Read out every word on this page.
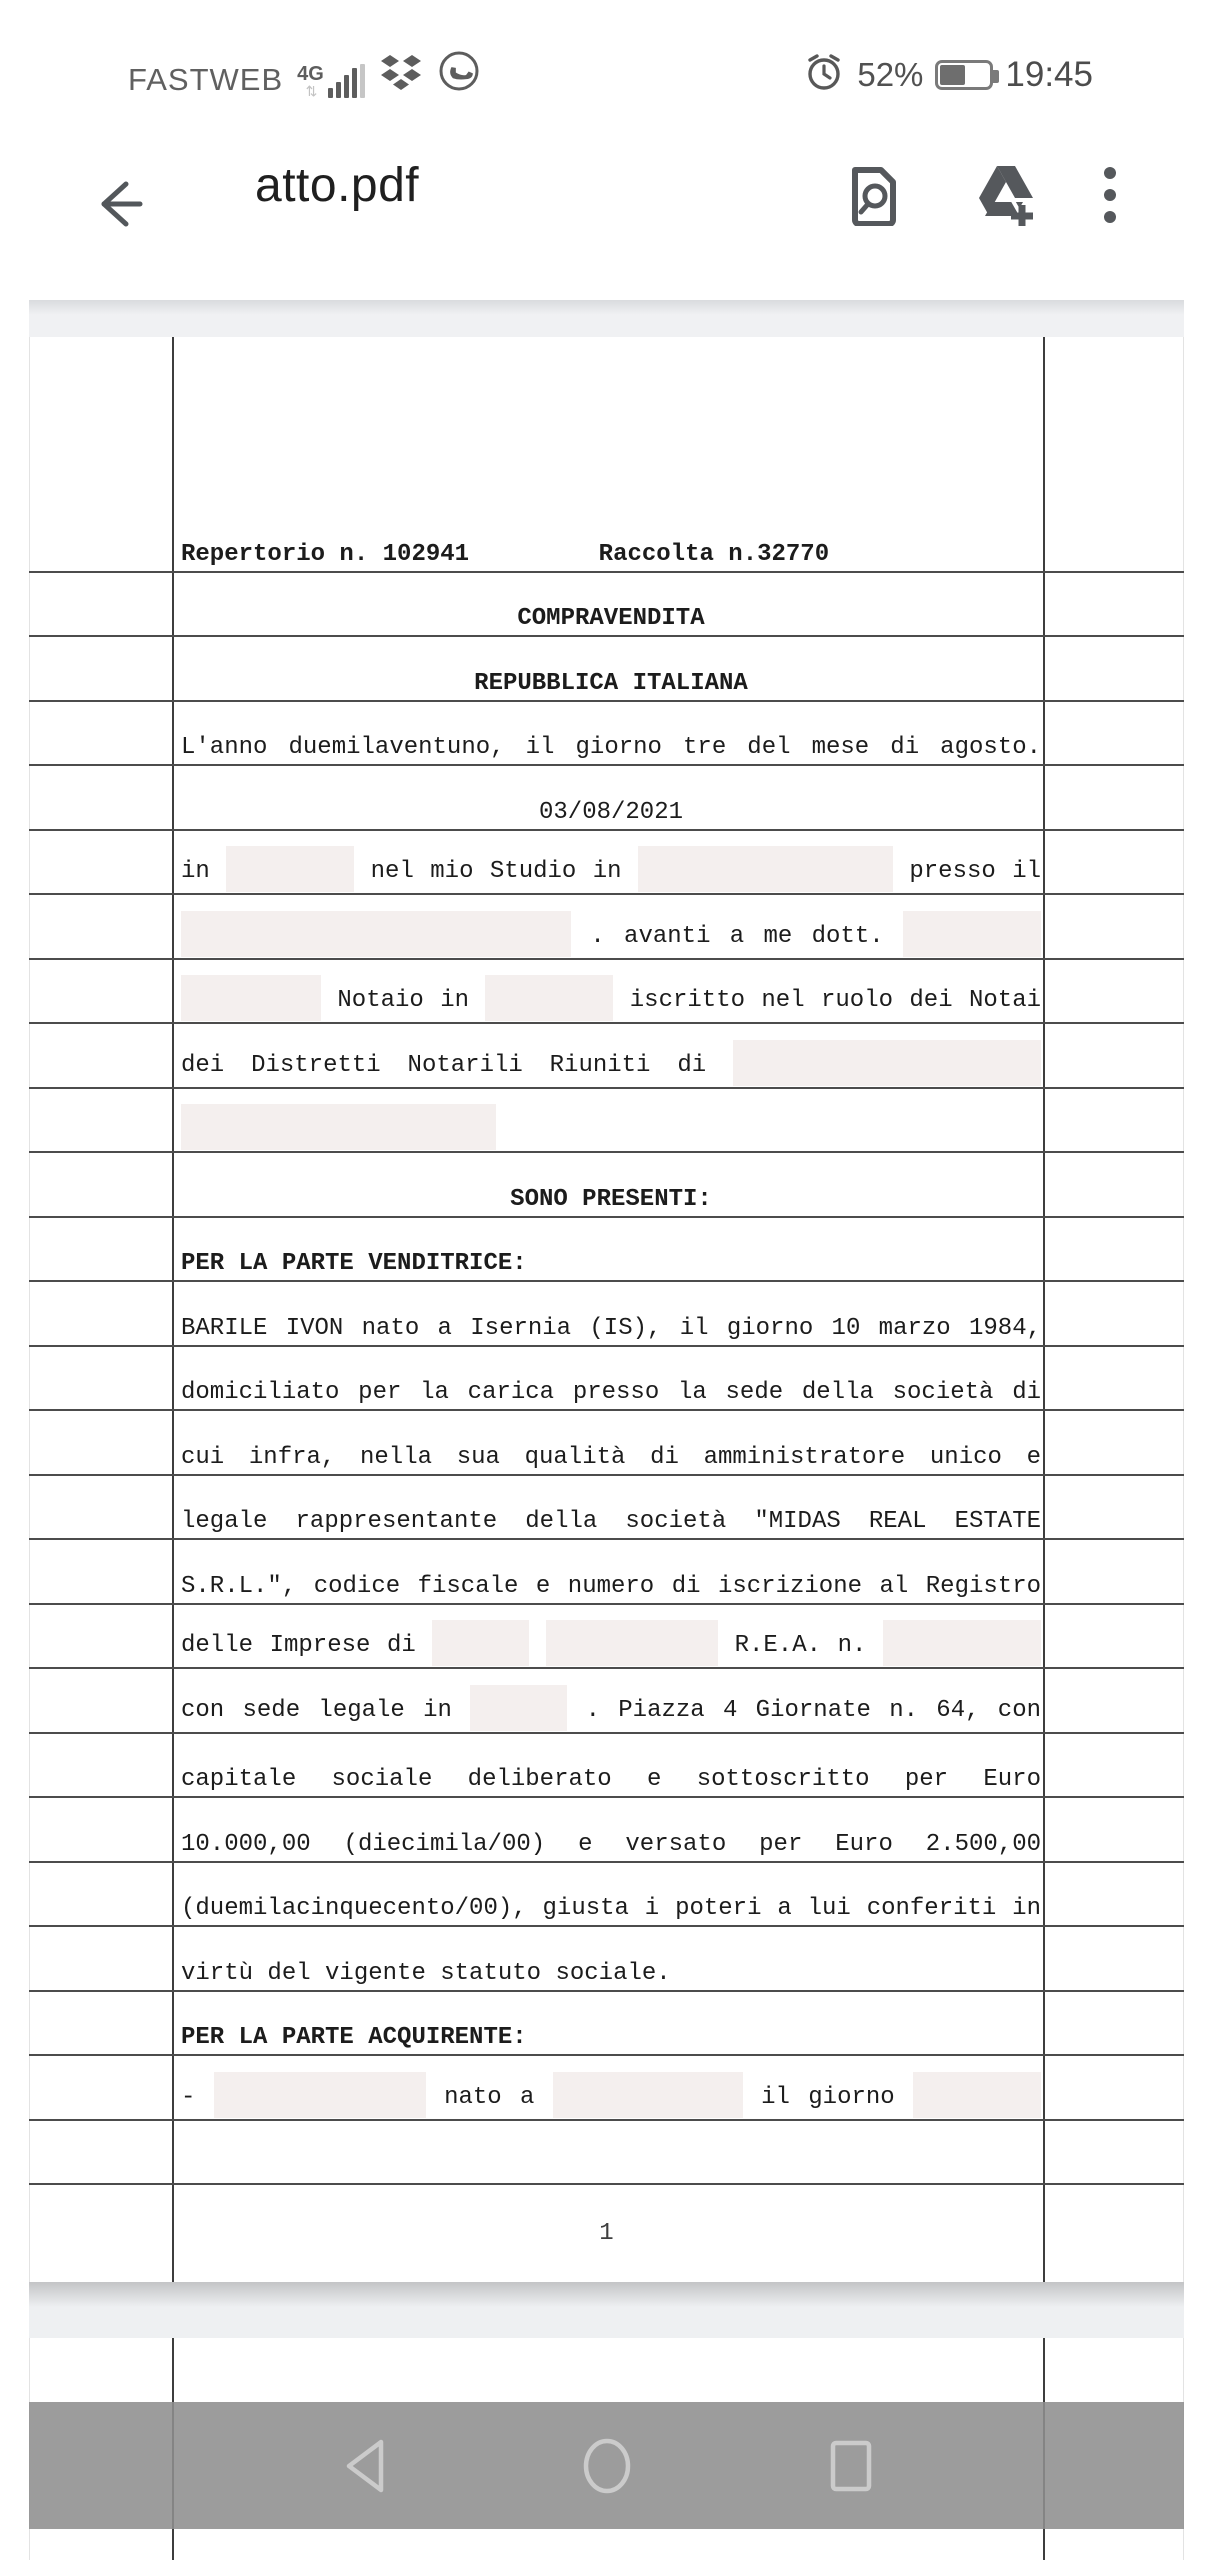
FASTWEB 4G
⇅	52% 19:45
atto.pdf
Repertorio n. 102941         Raccolta n.32770
COMPRAVENDITA
REPUBBLICA ITALIANA
L'anno duemilaventuno, il giorno tre del mese di agosto.
03/08/2021
in	nel mio Studio in	presso il
. avanti a me dott.
Notaio in	iscritto nel ruolo dei Notai
dei Distretti Notarili Riuniti di
SONO PRESENTI:
PER LA PARTE VENDITRICE:
BARILE IVON nato a Isernia (IS), il giorno 10 marzo 1984,
domiciliato per la carica presso la sede della società di
cui infra, nella sua qualità di amministratore unico e
legale rappresentante della società "MIDAS REAL ESTATE
S.R.L.", codice fiscale e numero di iscrizione al Registro
delle Imprese di	R.E.A. n.
con sede legale in	. Piazza 4 Giornate n. 64, con
capitale sociale deliberato e sottoscritto per Euro
10.000,00 (diecimila/00) e versato per Euro 2.500,00
(duemilacinquecento/00), giusta i poteri a lui conferiti in
virtù del vigente statuto sociale.
PER LA PARTE ACQUIRENTE:
-	nato a	il giorno
1
